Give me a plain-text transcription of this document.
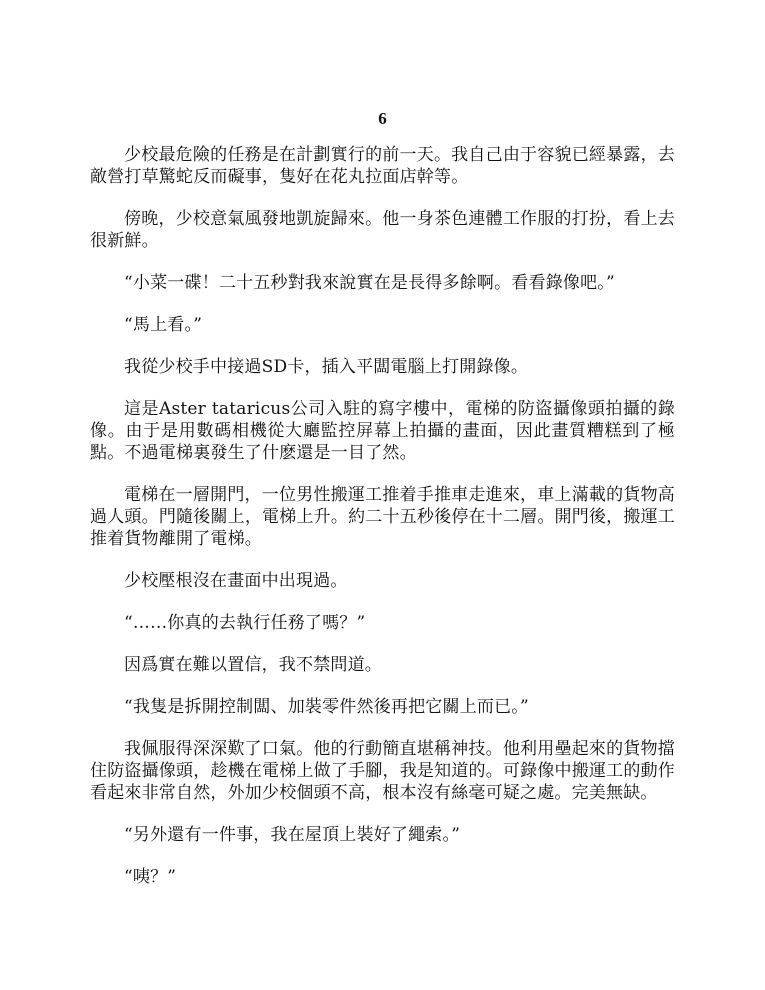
6

少校最危險的任務是在計劃實行的前一天。我自己由于容貌已經暴露，去敵營打草驚蛇反而礙事，隻好在花丸拉面店幹等。

傍晚，少校意氣風發地凱旋歸來。他一身茶色連體工作服的打扮，看上去很新鮮。

“小菜一碟！二十五秒對我來說實在是長得多餘啊。看看錄像吧。”

“馬上看。”

我從少校手中接過SD卡，插入平闆電腦上打開錄像。

這是Aster tataricus公司入駐的寫字樓中，電梯的防盜攝像頭拍攝的錄像。由于是用數碼相機從大廳監控屏幕上拍攝的畫面，因此畫質糟糕到了極點。不過電梯裏發生了什麽還是一目了然。

電梯在一層開門，一位男性搬運工推着手推車走進來，車上滿載的貨物高過人頭。門隨後關上，電梯上升。約二十五秒後停在十二層。開門後，搬運工推着貨物離開了電梯。

少校壓根沒在畫面中出現過。

“……你真的去執行任務了嗎？”

因爲實在難以置信，我不禁問道。

“我隻是拆開控制闆、加裝零件然後再把它關上而已。”

我佩服得深深歎了口氣。他的行動簡直堪稱神技。他利用壘起來的貨物擋住防盜攝像頭，趁機在電梯上做了手腳，我是知道的。可錄像中搬運工的動作看起來非常自然，外加少校個頭不高，根本沒有絲毫可疑之處。完美無缺。

“另外還有一件事，我在屋頂上裝好了繩索。”

“咦？”
